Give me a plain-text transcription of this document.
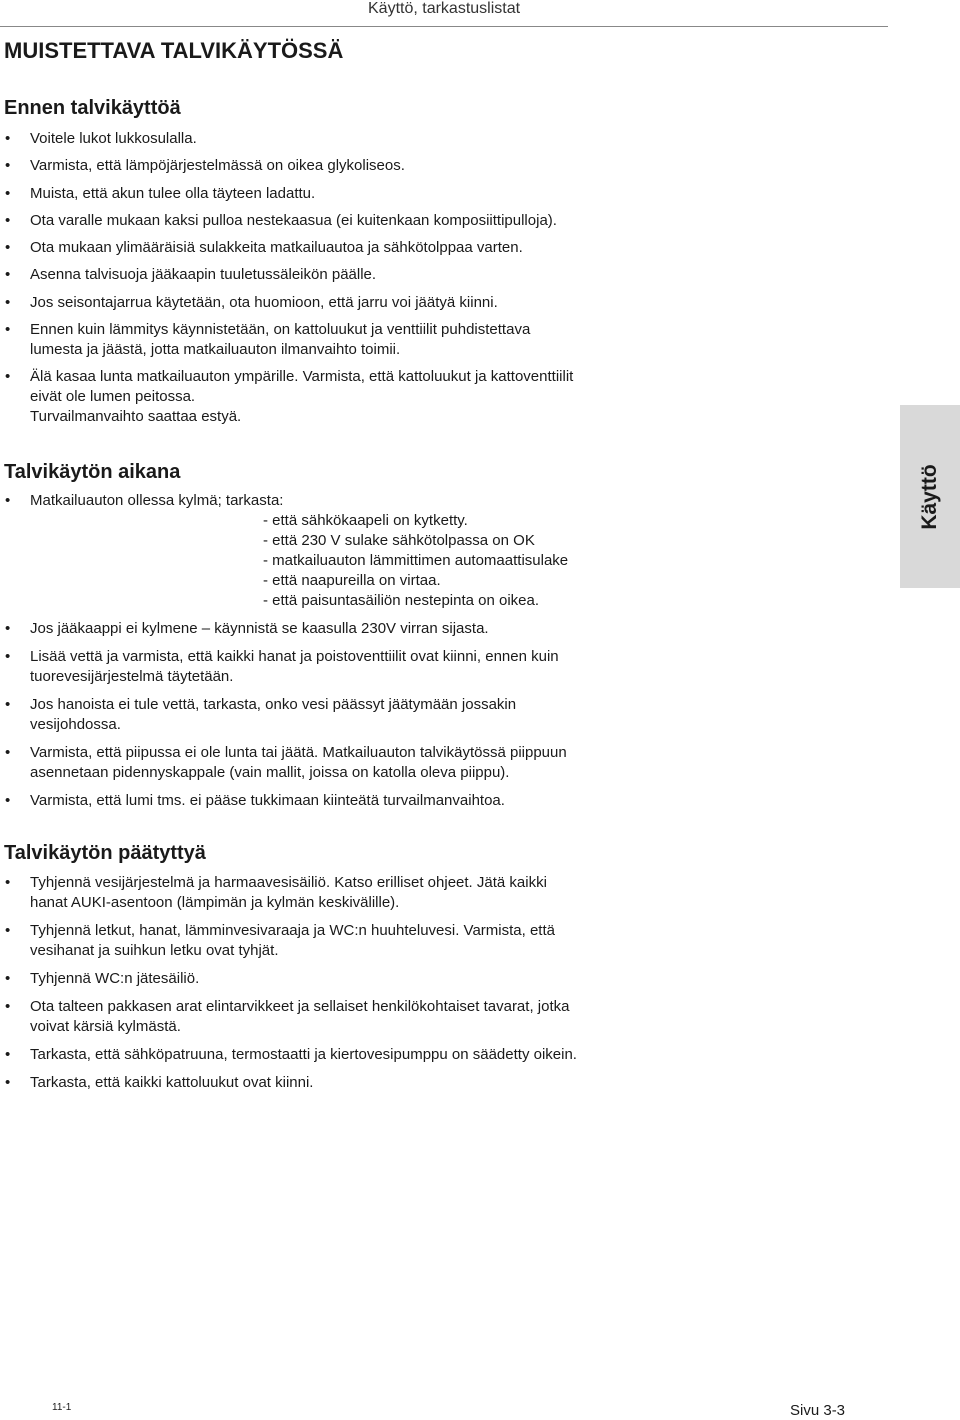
Käyttö, tarkastuslistat
MUISTETTAVA TALVIKÄYTÖSSÄ
Ennen talvikäyttöä
• Voitele lukot lukkosulalla.
• Varmista, että lämpöjärjestelmässä on oikea glykoliseos.
• Muista, että akun tulee olla täyteen ladattu.
• Ota varalle mukaan kaksi pulloa nestekaasua (ei kuitenkaan komposiittipulloja).
• Ota mukaan ylimääräisiä sulakkeita matkailuautoa ja sähkötolppaa varten.
• Asenna talvisuoja jääkaapin tuuletussäleikön päälle.
• Jos seisontajarrua käytetään, ota huomioon, että jarru voi jäätyä kiinni.
• Ennen kuin lämmitys käynnistetään, on kattoluukut ja venttiilit puhdistettava
lumesta ja jäästä, jotta matkailuauton ilmanvaihto toimii.
• Älä kasaa lunta matkailuauton ympärille. Varmista, että kattoluukut ja kattoventtiilit
eivät ole lumen peitossa.
Turvailmanvaihto saattaa estyä.
Talvikäytön aikana
• Matkailuauton ollessa kylmä; tarkasta:
- että sähkökaapeli on kytketty.
- että 230 V sulake sähkötolpassa on OK
- matkailuauton lämmittimen automaattisulake
- että naapureilla on virtaa.
- että paisuntasäiliön nestepinta on oikea.
• Jos jääkaappi ei kylmene – käynnistä se kaasulla 230V virran sijasta.
• Lisää vettä ja varmista, että kaikki hanat ja poistoventtiilit ovat kiinni, ennen kuin
tuorevesijärjestelmä täytetään.
• Jos hanoista ei tule vettä, tarkasta, onko vesi päässyt jäätymään jossakin
vesijohdossa.
• Varmista, että piipussa ei ole lunta tai jäätä. Matkailuauton talvikäytössä piippuun
asennetaan pidennyskappale (vain mallit, joissa on katolla oleva piippu).
• Varmista, että lumi tms. ei pääse tukkimaan kiinteätä turvailmanvaihtoa.
Talvikäytön päätyttyä
• Tyhjennä vesijärjestelmä ja harmaavesisäiliö. Katso erilliset ohjeet. Jätä kaikki
hanat AUKI-asentoon (lämpimän ja kylmän keskivälille).
• Tyhjennä letkut, hanat, lämminvesivaraaja ja WC:n huuhteluvesi. Varmista, että
vesihanat ja suihkun letku ovat tyhjät.
• Tyhjennä WC:n jätesäiliö.
• Ota talteen pakkasen arat elintarvikkeet ja sellaiset henkilökohtaiset tavarat, jotka
voivat kärsiä kylmästä.
• Tarkasta, että sähköpatruuna, termostaatti ja kiertovesipumppu on säädetty oikein.
• Tarkasta, että kaikki kattoluukut ovat kiinni.
Käyttö
11-1	Sivu 3-3
